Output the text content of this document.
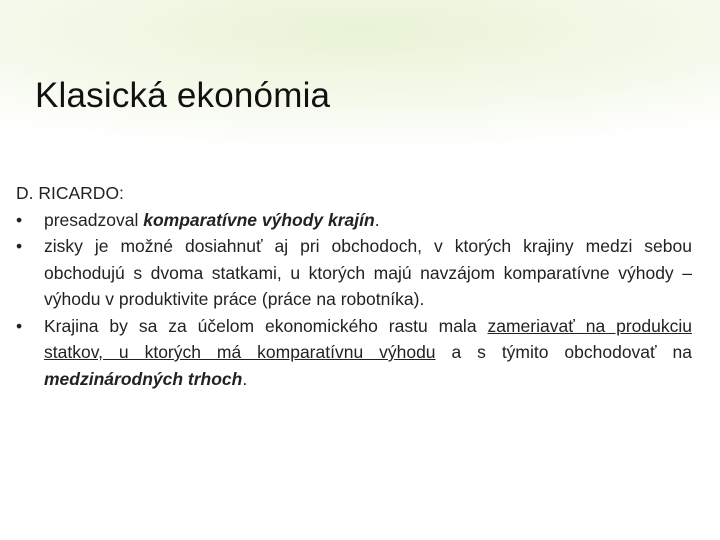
Klasická ekonómia

D. RICARDO:

• presadzoval komparatívne výhody krajín.
• zisky je možné dosiahnuť aj pri obchodoch, v ktorých krajiny medzi sebou obchodujú s dvoma statkami, u ktorých majú navzájom komparatívne výhody – výhodu v produktivite práce (práce na robotníka).
• Krajina by sa za účelom ekonomického rastu mala zameriavať na produkciu statkov, u ktorých má komparatívnu výhodu a s týmito obchodovať na medzinárodných trhoch.
